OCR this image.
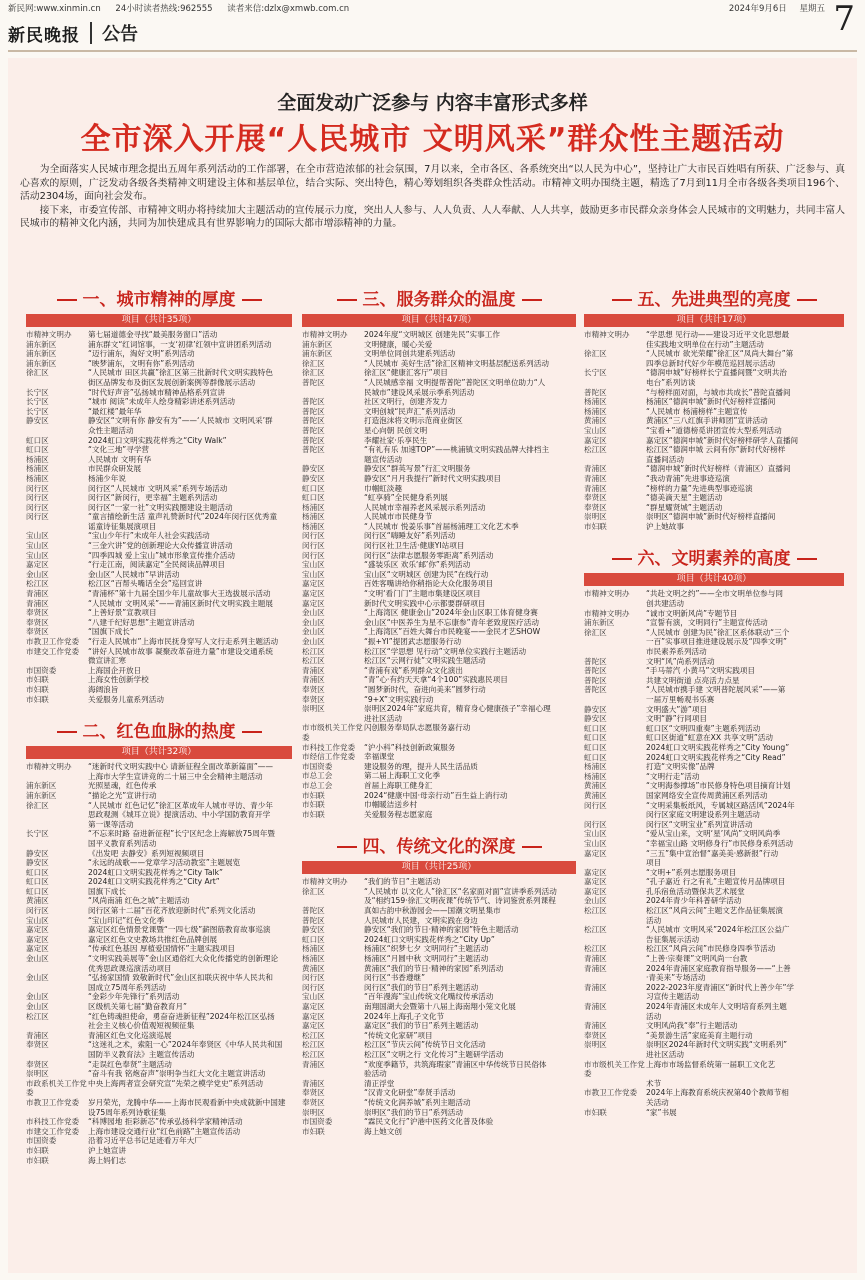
新民网:www.xinmin.cn 24小时读者热线:962555 读者来信:dzlx@xmwb.com.cn	2024年9月6日 星期五 7
新民晚报 公告
全面发动广泛参与 内容丰富形式多样
全市深入开展“人民城市 文明风采”群众性主题活动

为全面落实人民城市理念提出五周年系列活动的工作部署，在全市营造浓郁的社会氛围，7月以来，全市各区、各系统突出“以人民为中心”，坚持让广大市民百姓唱有所获、广泛参与、真心喜欢的原则，广泛发动各级各类精神文明建设主体和基层单位，结合实际、突出特色，精心筹划组织各类群众性活动。市精神文明办围绕主题，精选了7月到11月全市各级各类项目196个、活动2304场，面向社会发布。

接下来，市委宣传部、市精神文明办将持续加大主题活动的宣传展示力度，突出人人参与、人人负责、人人奉献、人人共享，鼓励更多市民群众亲身体会人民城市的文明魅力，共同丰富人民城市的精神文化内涵，共同为加快建成具有世界影响力的国际大都市增添精神的力量。

一、城市精神的厚度
项目（共计35项）
市精神文明办	第七届道德金寻找“最美服务窗口”活动
浦东新区	浦东群文“红词馆事，一支‘初律’红领中宣讲团系列活动
浦东新区	“迈行浦东，淘好文明”系列活动
浦东新区	“映梦浦东，文明有你”系列活动
徐汇区	“人民城市 田区共赢”徐汇区第三批新时代文明实践特色
街区品牌发布及街区发展创新案例等群像展示活动
长宁区	“时代好声音”弘扬城市精神品格系列宣讲
长宁区	“城市 阅读”未成年人绘身精彩讲述系列活动
长宁区	“最红楼”最年华
静安区	静安区“文明有你 静安有为”——‘人民城市 文明风采’群
众性主题活动
虹口区	2024虹口文明实践花样秀之“City Walk”
虹口区	“文化三地”寻学营
杨浦区	人民城市 文明有华
杨浦区	市民群众研发展
杨浦区	杨浦少年说
闵行区	闵行区“人民城市 文明风采”系列专场活动
闵行区	闵行区“新闵行，更幸福”主题系列活动
闵行区	闵行区“一家一社”文明实践圈建设主题活动
闵行区	“童言描绘新生活 童声礼赞新时代”2024年闵行区优秀童
谣童诗征集展演项目
宝山区	“宝山少年行”未成年人社会实践活动
宝山区	“三金穴讲”党的创新理论大众传播宣讲活动
宝山区	“四季四城 爱上宝山”城市形象宣传推介活动
嘉定区	“行走江南，阅读嘉定”全民阅读品牌项目
金山区	金山区“人民城市”早讲活动
松江区	松江区“百帮头嘴话全会”巡回宣讲
青浦区	“青浦杯”第十九届全国少年儿童故事大王选拔展示活动
青浦区	“人民城市 文明风采”——青浦区新时代文明实践主题展
奉贤区	“上善好景”宣教项目
奉贤区	“八建千纪好思想”主题宣讲活动
奉贤区	“国旗下成长”
市教卫工作党委	“行走人民城市”上海市民抚身穿写人文行走系列主题活动
市建交工作党委	“讲好人民城市故事 凝聚改革奋进力量”市建设交通系统
微宣讲汇寒
市国资委	上海国企开放日
市妇联	上海女性创新学校
市妇联	海阔浪旨
市妇联	关爱服务儿童系列活动
二、红色血脉的热度
项目（共计32项）
市精神文明办	“迷新时代文明实践中心 请新征程全面改革新篇面”——
上海市大学生宣讲竞的二十届三中全会精神主题活动
浦东新区	光照星魂，红色传承
浦东新区	“描论之光”宣讲行动
徐汇区	“人民城市 红色记忆”徐汇区革成年人城市寻访、青少年
思政观测《城耳立说》提演活动、中小学国防教育开学
第一课等活动
长宁区	“不忘来时路 奋进新征程”长宁区纪念上海解放75周年暨
国平义教育系列活动
静安区	《出发吧 去静安》系列短视频项目
静安区	“永远的战歌——党章学习活动教室”主题展览
虹口区	2024虹口文明实践花样秀之“City Talk”
虹口区	2024虹口文明实践花样秀之“City Art”
虹口区	国旗下成长
黄浦区	“风尚南浦 红色之城”主题活动
闵行区	闵行区第十二届“百花齐放迎新时代”系列文化活动
宝山区	“宝山印记”红色文化季
嘉定区	嘉定区红色情景党课暨“一四七级”薪图筋教育故事巡演
嘉定区	嘉定区红色文史教场共推红色品牌创展
嘉定区	“传承红色基因 厚植爱国情怀”主题实践项目
金山区	“文明实践美展等”金山区通俗红大众化传播党的创新理论
优秀思政课巡演活动项目
金山区	“弘扬家国情 致敬新时代”金山区扣联庆祝中华人民共和
国成立75周年系列活动
金山区	“金彩少年先锋行”系列活动
金山区	区级机关第七届“勤奋教育月”
松江区	“红色铸魂担使命，勇奋奋进新征程”2024年松江区弘扬
社会主义核心价值观短视频征集
青浦区	青浦区红色文化巡演巡展
奉贤区	“这迷礼之术，索阻一心”2024年奉贤区《中华人民共和国
国防半义教育法》主题宣传活动
奉贤区	“走误红色奉贤”主题活动
崇明区	“奋斗有我 铭炮奋声”崇明争当红大文化主题宣讲活动
市政系机关工作党委
中央上海两者宣会研究宣“先荣之模学党史”系列活动
市教卫工作党委	岁月荣光，龙腾中华——上海市民观看新中央成就新中国建
设75周年系列诗歌征集
市科技工作党委	“科博园地 拒彩新芯”传承弘扬科学家精神活动
市建交工作党委	上海市建设交通行业“红色前路”主题宣传活动
市国资委	沿着习近平总书记足迹看万年大厂
市妇联	沪上她宣讲
市妇联	海上妈们志
三、服务群众的温度
项目（共计47项）
市精神文明办	2024年度“文明城区 创建先民”实事工作
浦东新区	文明健康，暖心关爱
浦东新区	文明单位同创共建系列活动
徐汇区	“人民城市 美好生活”徐汇区精神文明基层配送系列活动
徐汇区	徐汇区“健康汇客厅”项目
普陀区	“人民城感幸福 文明提帮普陀”普陀区文明单位助力“人
民城市”建设风采展示季系列活动
普陀区	社区文明行，创建齐发力
普陀区	文明创城“民声汇”系列活动
普陀区	打造泡沫将文明示范商业街区
普陀区	星心向朝 民创文明
普陀区	李耀社家·乐享民生
普陀区	“有礼有乐 加速TOP”——桃浦镇文明实践品牌大排档主
题宣传活动
静安区	静安区“群英写景”行汇文明服务
静安区	静安区“月月我提行”新时代文明实践项目
虹口区	巾帼虹淡趣
虹口区	“虹享骑”全民健身系列展
杨浦区	人民城市幸福养老风采展示系列活动
杨浦区	人民城市市民健身节
杨浦区	“人民城市 悦姜乐事”首届杨浦理工文化艺术季
闵行区	闵行区“嗨睡友好”系列活动
闵行区	闵行区社卫生活·健康YI站项目
闵行区	闵行区“法律志愿服务零距离”系列活动
宝山区	“盛装乐区 欢乐‘邮’你”系列活动
宝山区	宝山区“文明城区 创建为民”在线行动
嘉定区	百姓客嘴讲给你稍指论大众化服务项目
嘉定区	“文明‘看门门”主题市集建设区项目
嘉定区	新时代文明实践中心示都要群研项目
金山区	“上海湾区 健康金山”2024年金山区职工体育健身赛
金山区	金山区“中医养生为星不忘康参”青年老致度医疗活动
金山区	“上海湾区”百姓大舞台市民晚宴——金民才艺SHOW
金山区	“振+YI”提团武志愿服务行动
松江区	松江区“学思想 见行动”文明单位实践行主题活动
松江区	松江区“云网行徒”文明实践生题活动
青浦区	“青浦有戏”系列群众文化演出
青浦区	“青”心·有约天天拿“4个100”实践惠民项目
奉贤区	“圆梦新时代，奋进向美来”圆梦行动
奉贤区	“9+X”文明实践行动
崇明区	崇明区2024年“家庭共育，精育身心健康孩子”幸福心理
进社区活动
市市级机关工作党委
闪创服务奉局队志愿服务嘉行动
市科技工作党委	“沪小科”科技创新政策服务
市经信工作党委	幸福课堂
市国资委	建设服务的理，提升人民生活品质
市总工会	第二届上海职工文化季
市总工会	首届上海职工健身汇
市妇联	2024“健康中国·母亲行动”百生益上消行动
市妇联	巾帼暖洁送乡村
市妇联	关爱服务程志愿家庭
四、传统文化的深度
项目（共计25项）
市精神文明办	“我们的节日”主题活动
徐汇区	“人民城市 以文化人”徐汇区“名家面对面”宣讲季系列活动
及“相约159·徐汇文明夜课”传统节气、诗词鉴赏系列课程
普陀区	真如古韵中秋游园会——国潮文明星集市
普陀区	人民城市人民建，文明实践在身边
静安区	静安区“我们的节日·精神的家园”特色主题活动
虹口区	2024虹口文明实践花样秀之“City Up”
杨浦区	杨浦区“织梦七夕 文明同行”主题活动
杨浦区	杨浦区“月圆中秋 文明同行”主题活动
黄浦区	黄浦区“我们的节日·精神的家园”系列活动
闵行区	闵行区“书香遵继”
闵行区	闵行区“我们的节日”系列主题活动
宝山区	“百年漫海”宝山传统文化嘴纹传承活动
嘉定区	南翔国湖大会暨第十八届上海南翔小笼文化展
嘉定区	2024年上海孔子文化节
嘉定区	嘉定区“我们的节日”系列主题活动
松江区	“传统文化家研”项目
松江区	松江区“节庆云间”传统节日文化活动
松江区	松江区“文明之行 文化传习”主题研学活动
青浦区	“欢度季籍节，共筑海瑕家”青浦区中华传统节日民俗体
验活动
青浦区	清正浮堂
奉贤区	“汉青文化研堂”奉贤手活动
奉贤区	“传统文化润养城”系列主题活动
崇明区	崇明区“我们的节日”系列活动
市国资委	“霖民文化行”沪港中医药文化普及体验
市妇联	海上她文创
五、先进典型的亮度
项目（共计17项）
市精神文明办	“学思想 见行动——建设习近平文化思想最
佳实践地文明单位在行动”主题活动
徐汇区	“人民城市 欲光荣耀”徐汇区“凤尚大舞台”第
四季总新时代好少年模范巡回展示活动
长宁区	“德润申城”好榜样长宁直播间暨“文明共治
电台”系列访谈
普陀区	“与榜样面对面，与城市共成长”普陀直播间
杨浦区	杨浦区“德润申城”新时代好榜样宣播间
杨浦区	“人民城市 杨浦榜样”主题宣传
黄浦区	黄浦区“三八红旗手讲师团”宣讲活动
宝山区	“宝看+”道德榜觅讲团宣传大型系列活动
嘉定区	嘉定区“德润申城”新时代好榜样研学人直播间
松江区	松江区“德润申城 云间有你”新时代好榜样
直播间活动
青浦区	“德润申城”新时代好榜样（青浦区）直播间
青浦区	“我动青浦”先进事迹巡演
青浦区	“榜样的力量”先进典型事迹巡演
奉贤区	“德美滴天星”主题活动
奉贤区	“群星耀贤城”主题活动
崇明区	崇明区“德润申城”新时代好榜样直播间
市妇联	沪上她故事
六、文明素养的高度
项目（共计40项）
市精神文明办	“共赴文明之约”——全市文明单位参与同
创共建活动
市精神文明办	“诚市文明新风尚”专题节目
浦东新区	“宣誓有演，文明同行”主题宣传活动
徐汇区	“人民城市 创建为民”徐汇区系体联动“三个
一百”实事项目推进建设展示及“四季文明”
市民素养系列活动
普陀区	文明“风”尚系列活动
普陀区	“手马蒂汽 小黄马”文明实践项目
普陀区	共建文明街道 点亮活力点星
普陀区	“人民城市携手建 文明普陀展风采”——第
一届万里畅观书乐赛
静安区	文明盛大”游”项目
静安区	文明“静”行同项目
虹口区	虹口区“文明四重奏”主题系列活动
虹口区	虹口区街道“虹意在XX 共享文明”活动
虹口区	2024虹口文明实践花样秀之“City Young”
虹口区	2024虹口文明实践花样秀之“City Read”
杨浦区	打造“文明实像”品牌
杨浦区	“文明行走”活动
黄浦区	“文明海参撑场”市民修身特色项目摘育计划
黄浦区	国家网络安全宣传周黄浦区系列活动
闵行区	“文明采集板纸风，专属城区路活风”2024年
闵行区家庭文明建设系列主题活动
闵行区	闵行区“文明宝业”系列宣讲活动
宝山区	“爱从宝山来，文明‘星’风尚”文明风尚季
宝山区	“幸福宝山路 文明修身行”市民修身系列活动
嘉定区	“三五”集中宣治督“嘉美美·感新报”行动
项目
嘉定区	“文明+”系列志愿服务项目
嘉定区	“孔子嘉近 行之有礼”主题宣传月品牌项目
嘉定区	孔乐宿鱼活动暨保共艺术展堂
金山区	2024年青少年科普研学活动
松江区	松江区“风尚云间”主题文艺作品征集展演
活动
松江区	“人民城市 文明风采”2024年松江区公益广
告征集展示活动
松江区	松江区“风尚云间”市民修身四季节活动
青浦区	“上善·宗奏课”文明风尚一台教
青浦区	2024年青浦区家庭教育指导服务——“上善
·青美来”专场活动
青浦区	2022-2023年度青浦区“新时代上善少年”学
习宣传主题活动
青浦区	2024年青浦区未成年人文明培育系列主题
活动
青浦区	文明风尚我“奉”行主题活动
奉贤区	“美景游生活”家庭美育主题行动
崇明区	崇明区2024年新时代文明实践“文明系列”
进社区活动
市市级机关工作党委
上海市市场监督系统第一届职工文化艺
术节
市教卫工作党委	2024年上海教育系统庆祝第40个教师节相
关活动
市妇联	“家”书展
